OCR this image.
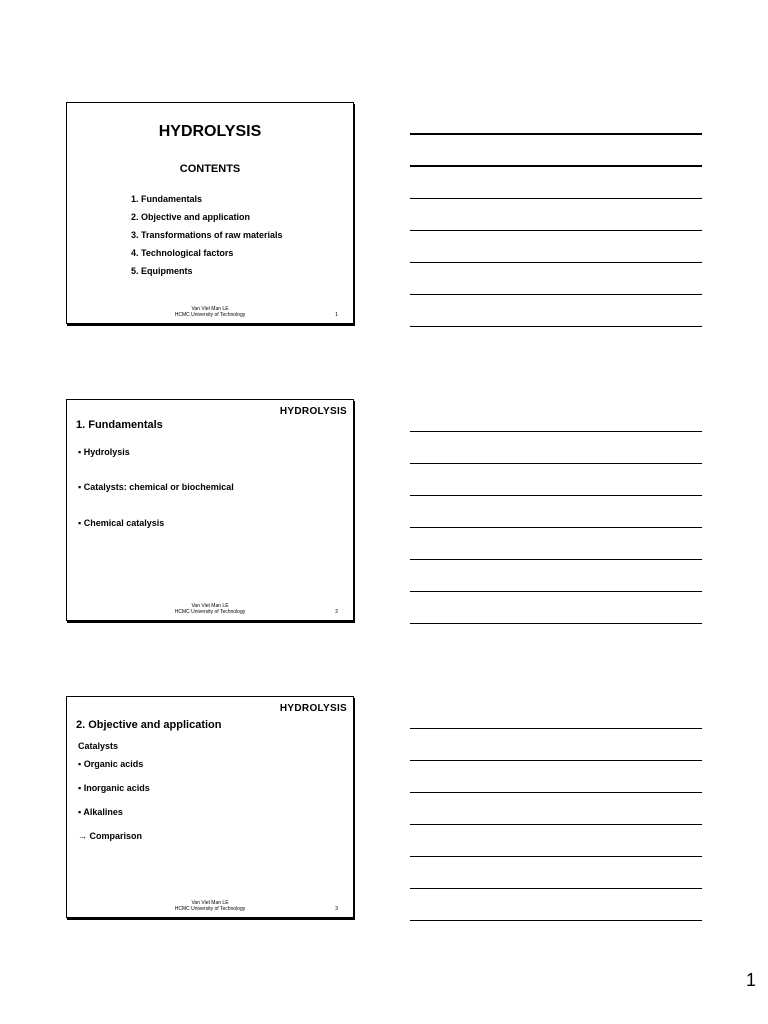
HYDROLYSIS
CONTENTS
1. Fundamentals
2. Objective and application
3. Transformations of raw materials
4. Technological factors
5. Equipments
Van Viet Man LE
HCMC University of Technology	1
HYDROLYSIS
1. Fundamentals
▪ Hydrolysis
▪ Catalysts: chemical or biochemical
▪ Chemical catalysis
Van Viet Man LE
HCMC University of Technology	2
HYDROLYSIS
2. Objective and application
Catalysts
▪ Organic acids
▪ Inorganic acids
▪ Alkalines
→ Comparison
Van Viet Man LE
HCMC University of Technology	3
1
